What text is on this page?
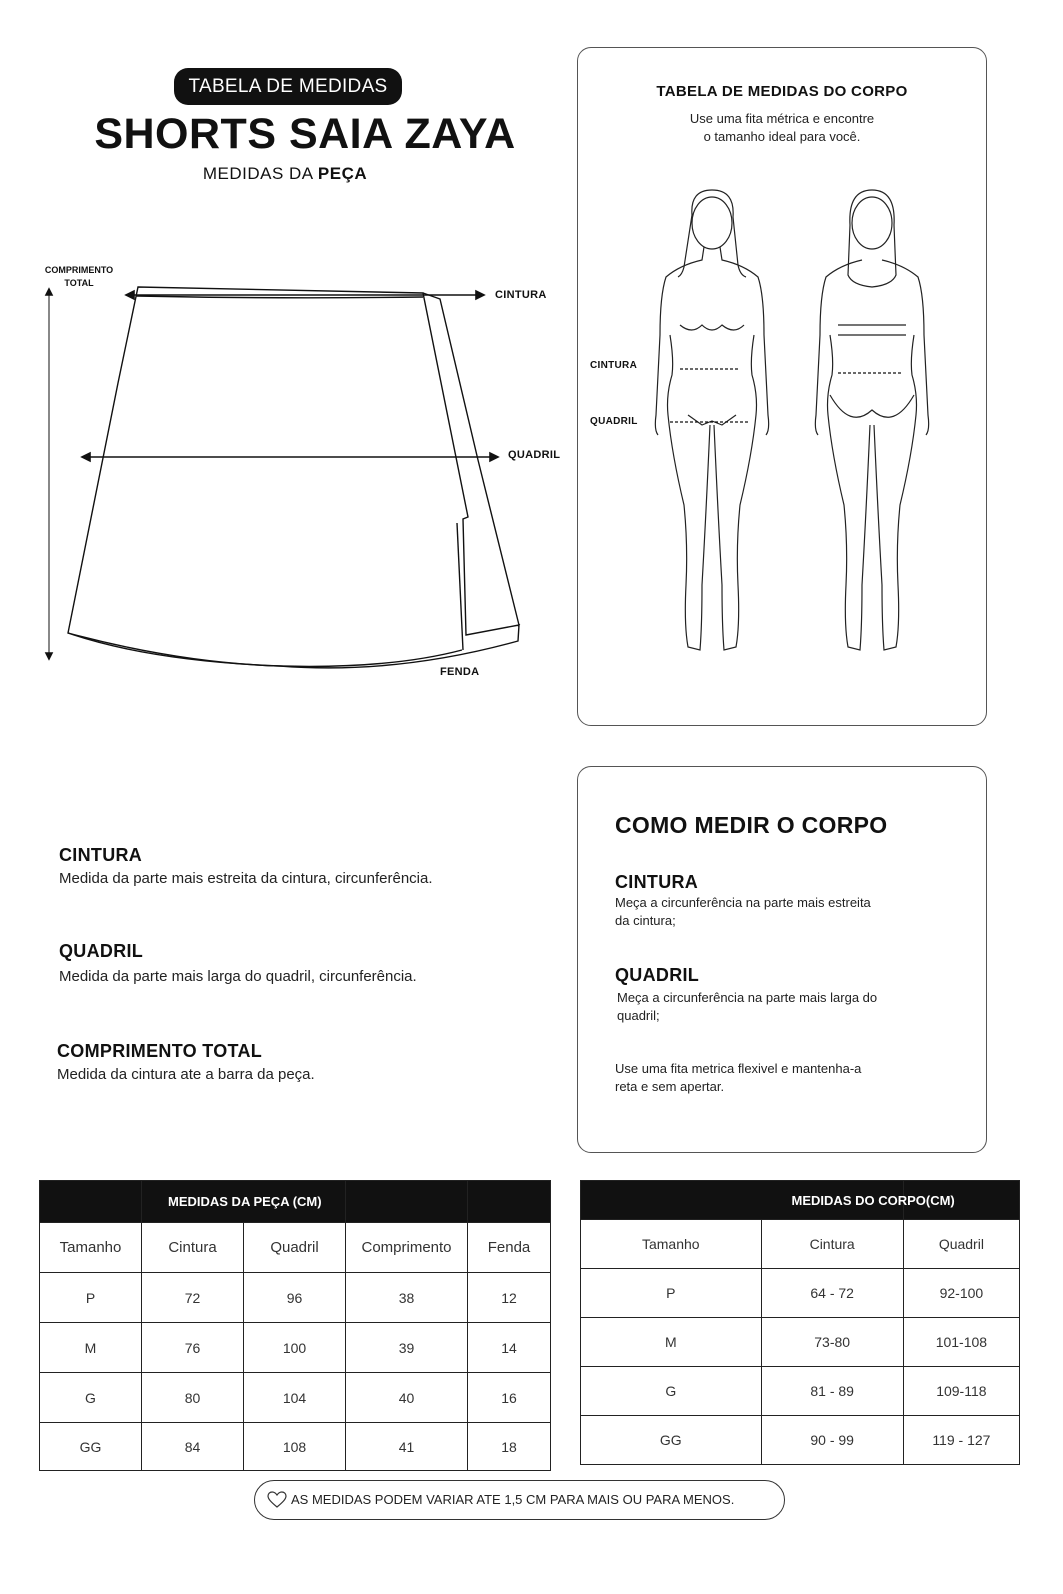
TABELA DE MEDIDAS
SHORTS SAIA ZAYA
MEDIDAS DA PEÇA
COMPRIMENTO
TOTAL
CINTURA
QUADRIL
FENDA
TABELA DE MEDIDAS DO CORPO
Use uma fita métrica e encontre
o tamanho ideal para você.
CINTURA
QUADRIL
CINTURA
Medida da parte mais estreita da cintura, circunferência.
QUADRIL
Medida da parte mais larga do quadril, circunferência.
COMPRIMENTO TOTAL
Medida da cintura ate a barra da peça.
COMO MEDIR O CORPO
CINTURA
Meça a circunferência na parte mais estreita
da cintura;
QUADRIL
Meça a circunferência na parte mais larga do
quadril;
Use uma fita metrica flexivel e mantenha-a
reta e sem apertar.
	MEDIDAS DA PEÇA (CM)			
Tamanho	Cintura	Quadril	Comprimento	Fenda
P	72	96	38	12
M	76	100	39	14
G	80	104	40	16
GG	84	108	41	18
MEDIDAS DO CORPO(CM)		
Tamanho	Cintura	Quadril
P	64 - 72	92-100
M	73-80	101-108
G	81 - 89	109-118
GG	90 - 99	119 - 127
AS MEDIDAS PODEM VARIAR ATE 1,5 CM PARA MAIS OU PARA MENOS.
